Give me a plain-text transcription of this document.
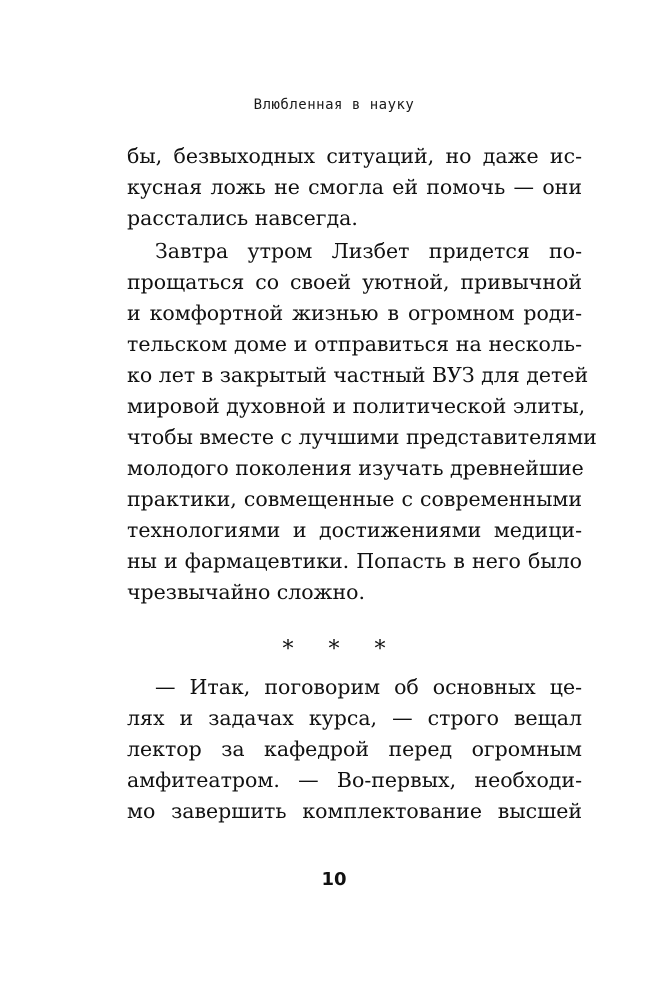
Влюбленная в науку
бы, безвыходных ситуаций, но даже ис-
кусная ложь не смогла ей помочь — они
расстались навсегда.
Завтра утром Лизбет придется по-
прощаться со своей уютной, привычной
и комфортной жизнью в огромном роди-
тельском доме и отправиться на несколь-
ко лет в закрытый частный ВУЗ для детей
мировой духовной и политической элиты,
чтобы вместе с лучшими представителями
молодого поколения изучать древнейшие
практики, совмещенные с современными
технологиями и достижениями медици-
ны и фармацевтики. Попасть в него было
чрезвычайно сложно.
* * *
— Итак, поговорим об основных це-
лях и задачах курса, — строго вещал
лектор за кафедрой перед огромным
амфитеатром. — Во-первых, необходи-
мо завершить комплектование высшей
10
